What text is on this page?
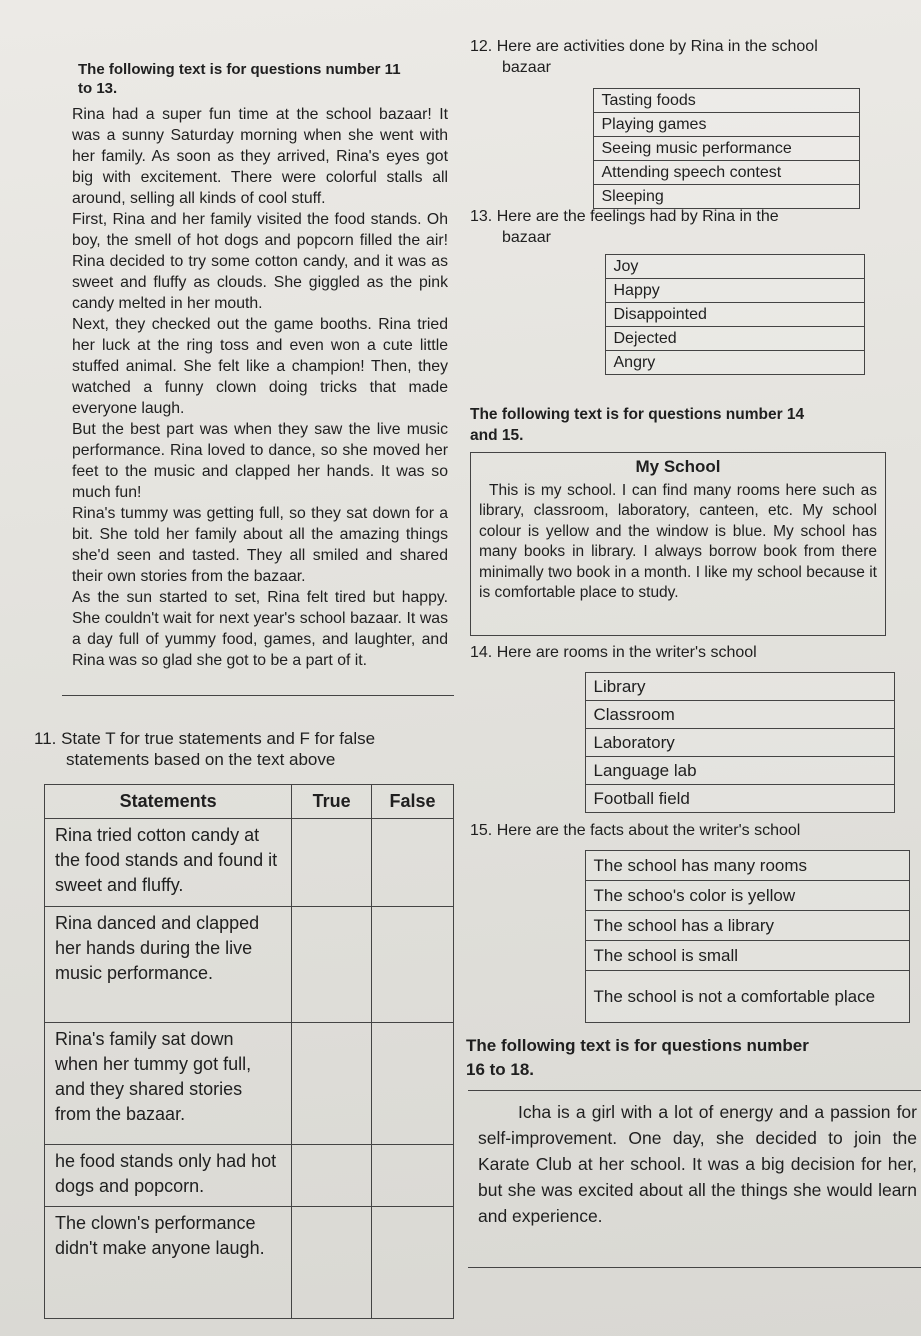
The following text is for questions number 11
to 13.

Rina had a super fun time at the school bazaar! It was a sunny Saturday morning when she went with her family. As soon as they arrived, Rina's eyes got big with excitement. There were colorful stalls all around, selling all kinds of cool stuff.

First, Rina and her family visited the food stands. Oh boy, the smell of hot dogs and popcorn filled the air! Rina decided to try some cotton candy, and it was as sweet and fluffy as clouds. She giggled as the pink candy melted in her mouth.

Next, they checked out the game booths. Rina tried her luck at the ring toss and even won a cute little stuffed animal. She felt like a champion! Then, they watched a funny clown doing tricks that made everyone laugh.

But the best part was when they saw the live music performance. Rina loved to dance, so she moved her feet to the music and clapped her hands. It was so much fun!

Rina's tummy was getting full, so they sat down for a bit. She told her family about all the amazing things she'd seen and tasted. They all smiled and shared their own stories from the bazaar.

As the sun started to set, Rina felt tired but happy. She couldn't wait for next year's school bazaar. It was a day full of yummy food, games, and laughter, and Rina was so glad she got to be a part of it.

11. State T for true statements and F for false
statements based on the text above
Statements	True	False
Rina tried cotton candy at the food stands and found it sweet and fluffy.		
Rina danced and clapped her hands during the live music performance.		
Rina's family sat down when her tummy got full, and they shared stories from the bazaar.		
he food stands only had hot dogs and popcorn.		
The clown's performance didn't make anyone laugh.		
12. Here are activities done by Rina in the school
bazaar
	Tasting foods
	Playing games
	Seeing music performance
	Attending speech contest
	Sleeping
13. Here are the feelings had by Rina in the
bazaar
	Joy
	Happy
	Disappointed
	Dejected
	Angry
The following text is for questions number 14
and 15.
My School

This is my school. I can find many rooms here such as library, classroom, laboratory, canteen, etc. My school colour is yellow and the window is blue. My school has many books in library. I always borrow book from there minimally two book in a month. I like my school because it is comfortable place to study.

14. Here are rooms in the writer's school
	Library
	Classroom
	Laboratory
	Language lab
	Football field
15. Here are the facts about the writer's school
	The school has many rooms
	The schoo's color is yellow
	The school has a library
	The school is small
	The school is not a comfortable place
The following text is for questions number
16 to 18.

Icha is a girl with a lot of energy and a passion for self-improvement. One day, she decided to join the Karate Club at her school. It was a big decision for her, but she was excited about all the things she would learn and experience.
